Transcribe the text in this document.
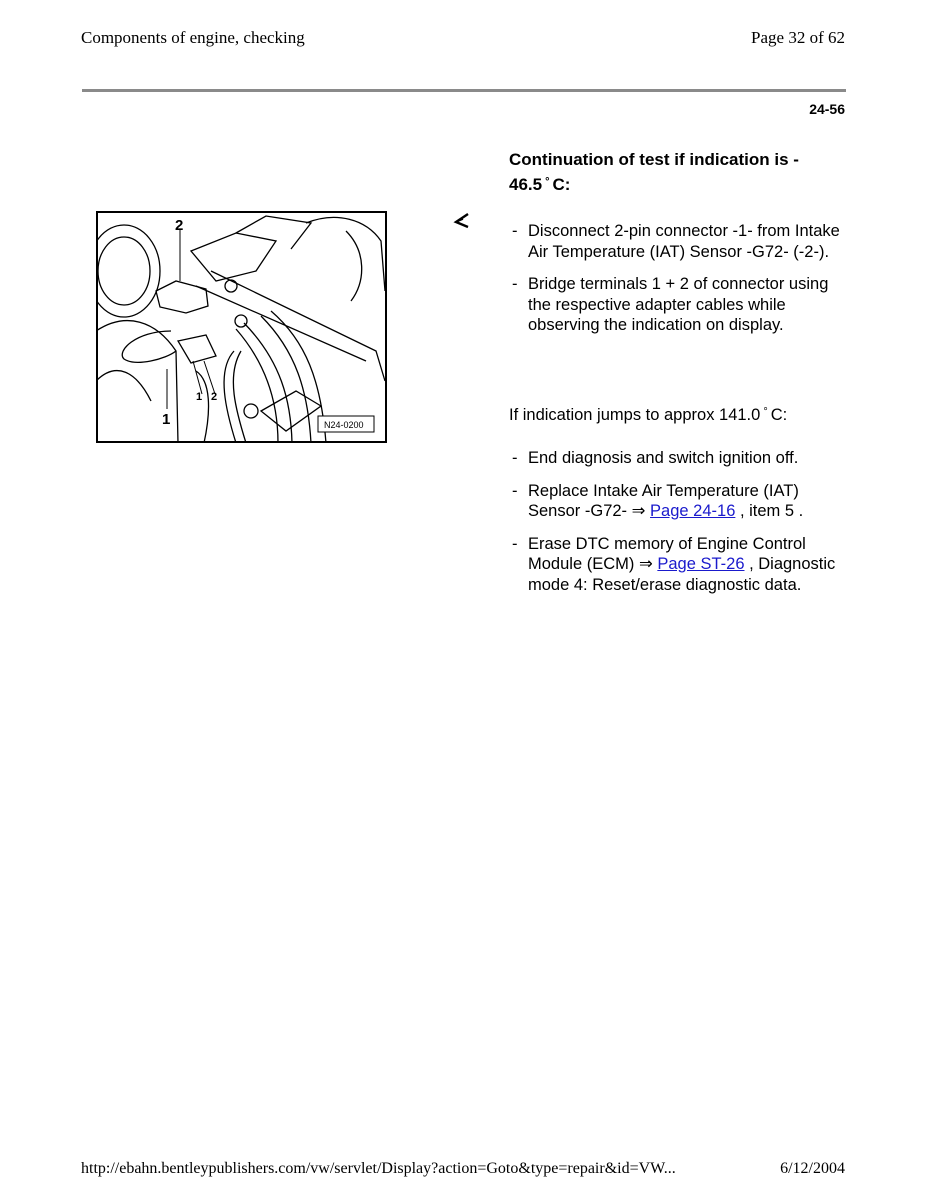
Components of engine, checking	Page 32 of 62
24-56
Continuation of test if indication is -
46.5 ° C:
2
1
1 2
N24-0200
- Disconnect 2-pin connector -1- from Intake Air Temperature (IAT) Sensor -G72- (-2-).
- Bridge terminals 1 + 2 of connector using the respective adapter cables while observing the indication on display.
If indication jumps to approx 141.0 ° C:
- End diagnosis and switch ignition off.
- Replace Intake Air Temperature (IAT) Sensor -G72- ⇒ Page 24-16 , item 5 .
- Erase DTC memory of Engine Control Module (ECM) ⇒ Page ST-26 , Diagnostic mode 4: Reset/erase diagnostic data.
http://ebahn.bentleypublishers.com/vw/servlet/Display?action=Goto&type=repair&id=VW...	6/12/2004
